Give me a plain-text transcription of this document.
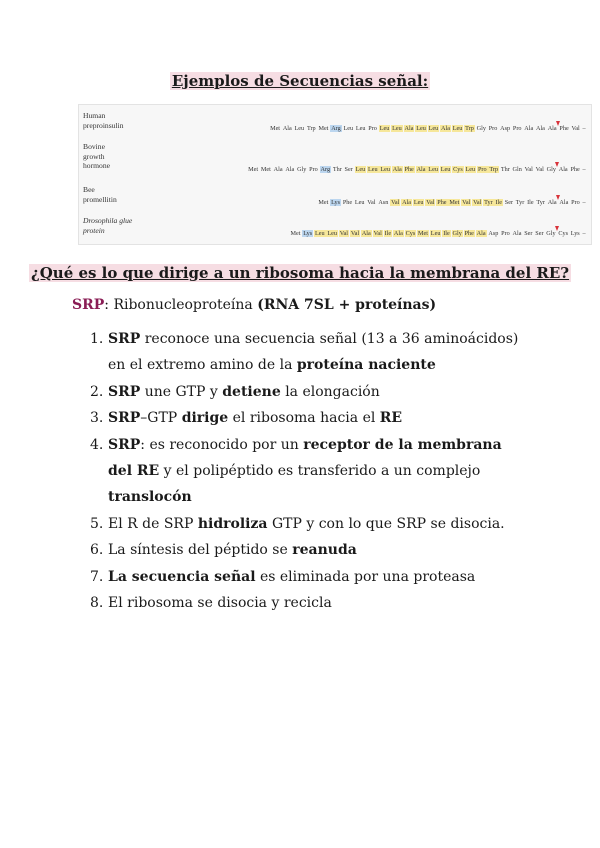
Ejemplos de Secuencias señal:
Human
preproinsulin	Met Ala Leu Trp Met Arg Leu Leu Pro Leu Leu Ala Leu Leu Ala Leu Trp Gly Pro Asp Pro Ala Ala Ala Phe Val –
Bovine
growth
hormone	Met Met Ala Ala Gly Pro Arg Thr Ser Leu Leu Leu Ala Phe Ala Leu Leu Cys Leu Pro Trp Thr Gln Val Val Gly Ala Phe –
Bee
promellitin	Met Lys Phe Leu Val Asn Val Ala Leu Val Phe Met Val Val Tyr Ile Ser Tyr Ile Tyr Ala Ala Pro –
Drosophila glue
protein	Met Lys Leu Leu Val Val Ala Val Ile Ala Cys Met Leu Ile Gly Phe Ala Asp Pro Ala Ser Ser Gly Cys Lys –
¿Qué es lo que dirige a un ribosoma hacia la membrana del RE?
SRP: Ribonucleoproteína (RNA 7SL + proteínas)
1. SRP reconoce una secuencia señal (13 a 36 aminoácidos) en el extremo amino de la proteína naciente
2. SRP une GTP y detiene la elongación
3. SRP–GTP dirige el ribosoma hacia el RE
4. SRP: es reconocido por un receptor de la membrana del RE y el polipéptido es transferido a un complejo translocón
5. El R de SRP hidroliza GTP y con lo que SRP se disocia.
6. La síntesis del péptido se reanuda
7. La secuencia señal es eliminada por una proteasa
8. El ribosoma se disocia y recicla
